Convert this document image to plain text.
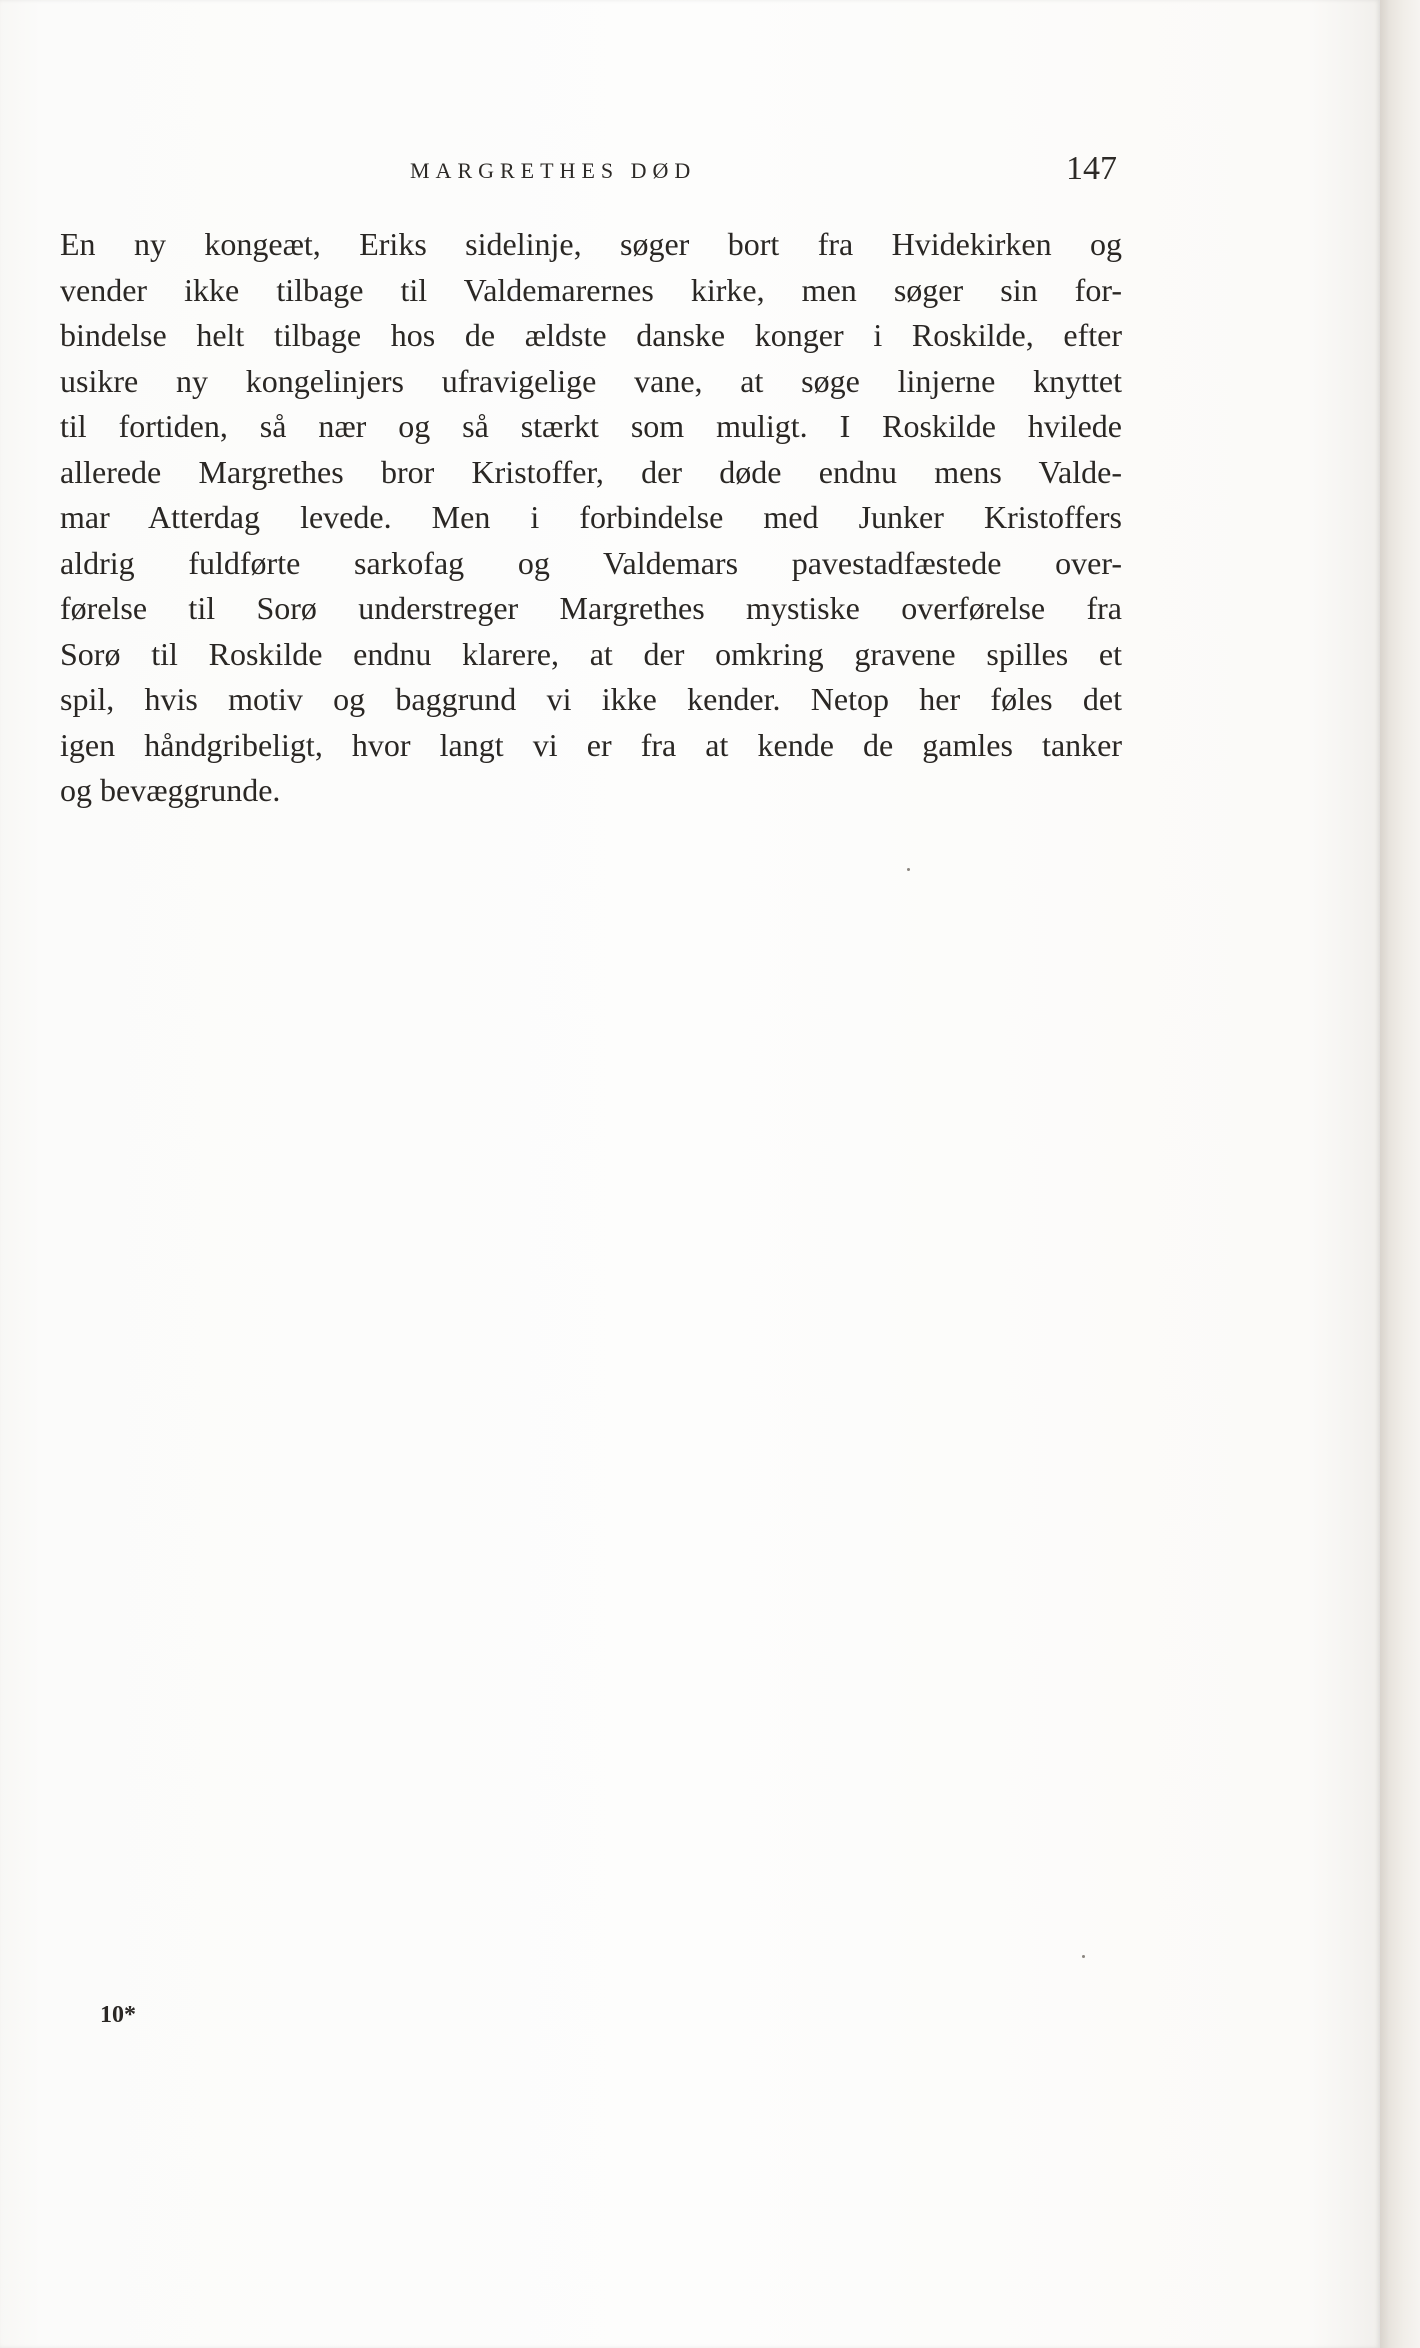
MARGRETHES DØD	147
En ny kongeæt, Eriks sidelinje, søger bort fra Hvidekirken og
vender ikke tilbage til Valdemarernes kirke, men søger sin for-
bindelse helt tilbage hos de ældste danske konger i Roskilde, efter
usikre ny kongelinjers ufravigelige vane, at søge linjerne knyttet
til fortiden, så nær og så stærkt som muligt. I Roskilde hvilede
allerede Margrethes bror Kristoffer, der døde endnu mens Valde-
mar Atterdag levede. Men i forbindelse med Junker Kristoffers
aldrig fuldførte sarkofag og Valdemars pavestadfæstede over-
førelse til Sorø understreger Margrethes mystiske overførelse fra
Sorø til Roskilde endnu klarere, at der omkring gravene spilles et
spil, hvis motiv og baggrund vi ikke kender. Netop her føles det
igen håndgribeligt, hvor langt vi er fra at kende de gamles tanker
og bevæggrunde.
10*
